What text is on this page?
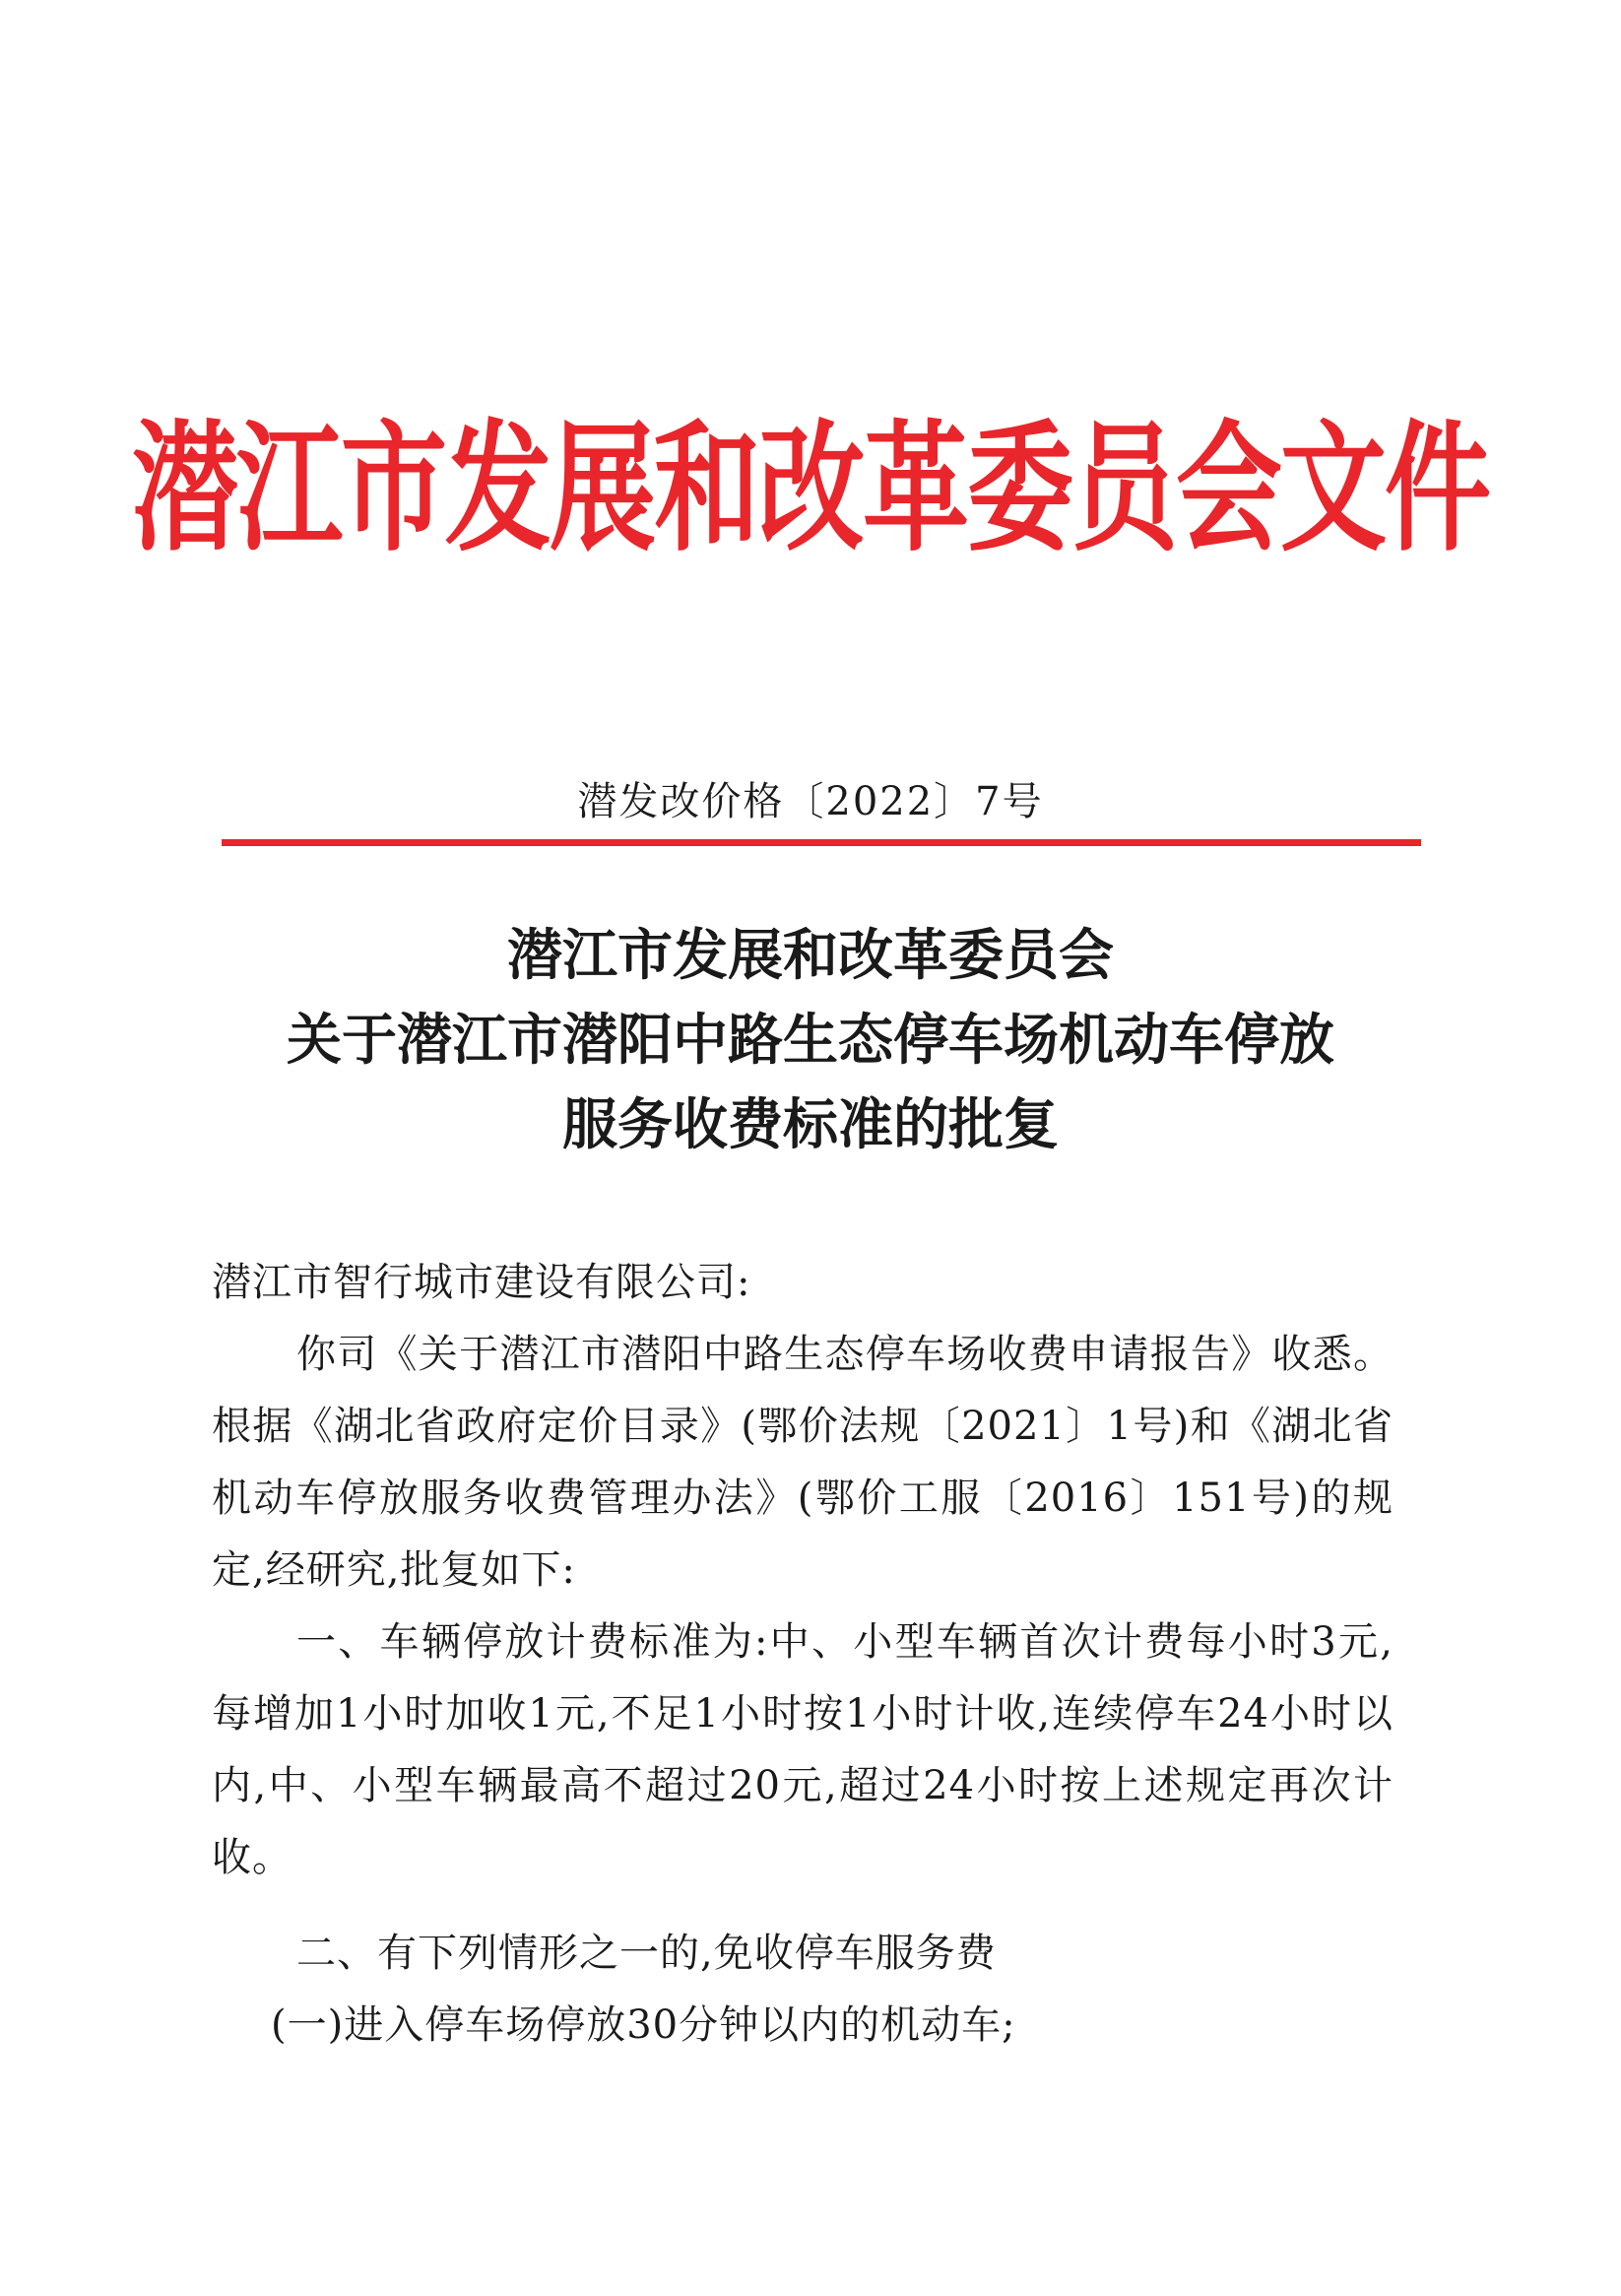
潜江市发展和改革委员会文件
潜发改价格〔2022〕7号
潜江市发展和改革委员会
关于潜江市潜阳中路生态停车场机动车停放
服务收费标准的批复

潜江市智行城市建设有限公司:

你司《关于潜江市潜阳中路生态停车场收费申请报告》收悉。根据《湖北省政府定价目录》(鄂价法规〔2021〕1号)和《湖北省机动车停放服务收费管理办法》(鄂价工服〔2016〕151号)的规定,经研究,批复如下:

一、车辆停放计费标准为:中、小型车辆首次计费每小时3元,每增加1小时加收1元,不足1小时按1小时计收,连续停车24小时以内,中、小型车辆最高不超过20元,超过24小时按上述规定再次计收。

二、有下列情形之一的,免收停车服务费

(一)进入停车场停放30分钟以内的机动车;
